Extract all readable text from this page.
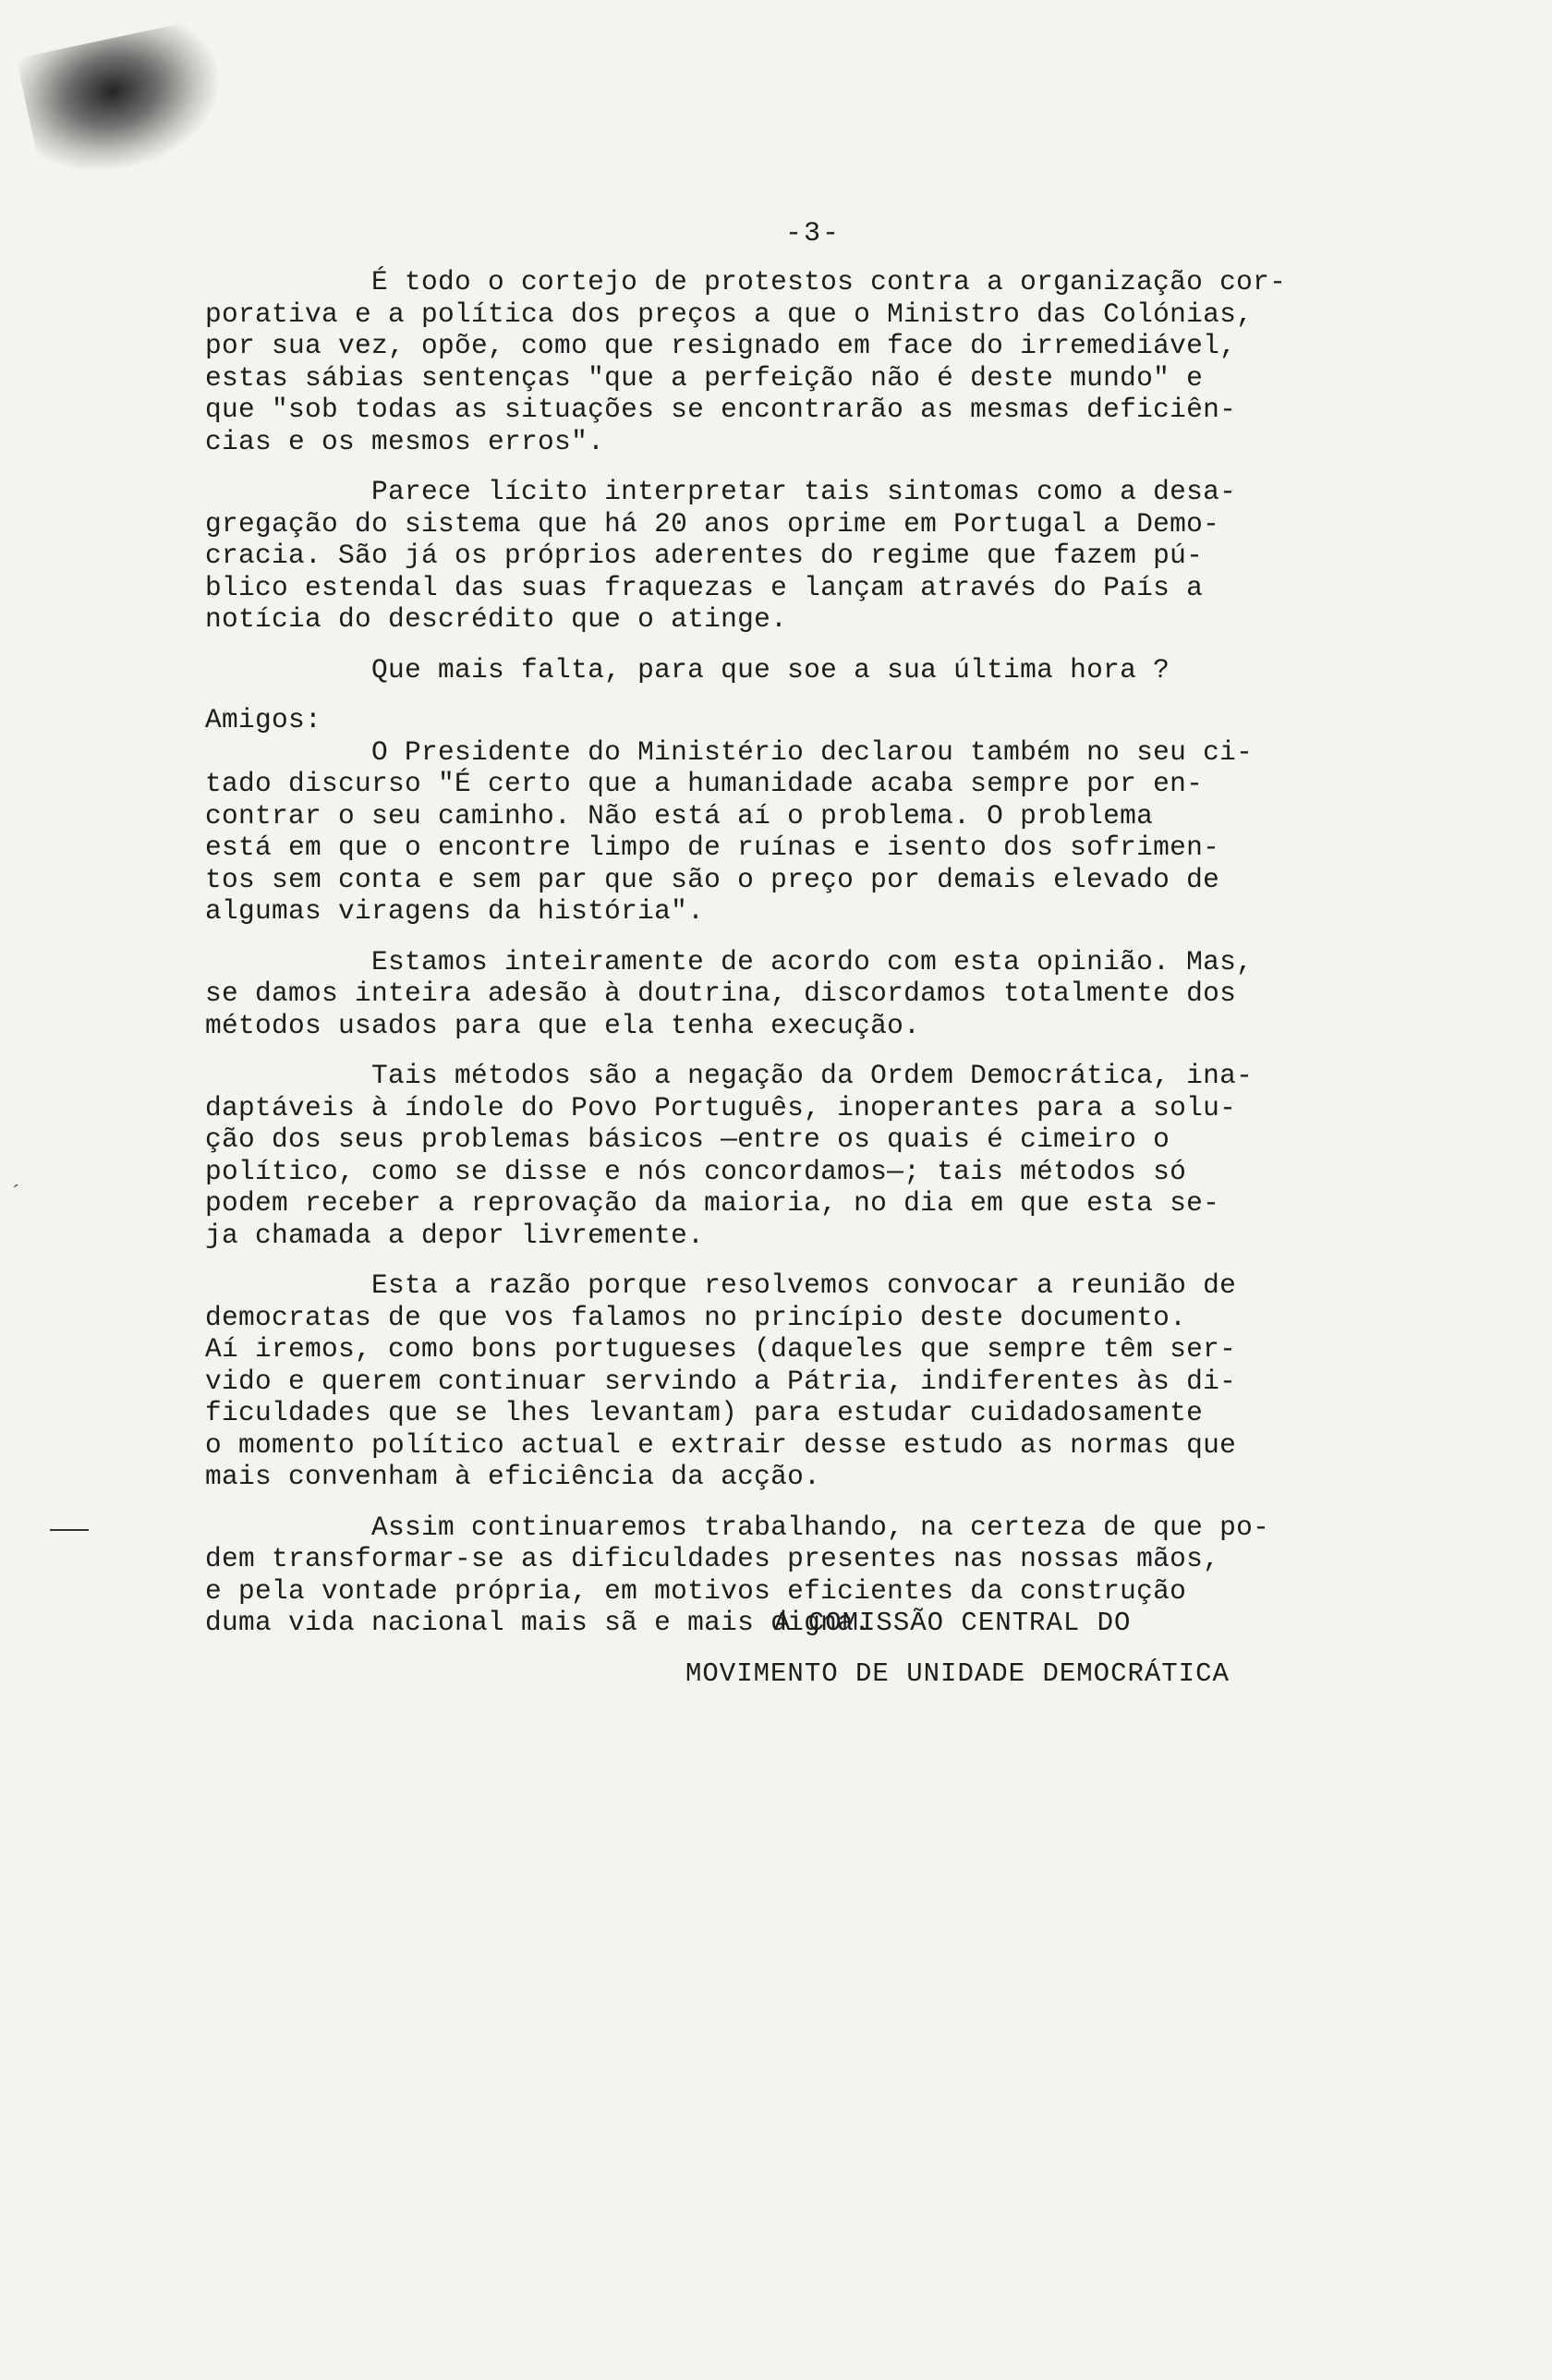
´
-3-
É todo o cortejo de protestos contra a organização cor-
porativa e a política dos preços a que o Ministro das Colónias,
por sua vez, opõe, como que resignado em face do irremediável,
estas sábias sentenças "que a perfeição não é deste mundo" e
que "sob todas as situações se encontrarão as mesmas deficiên-
cias e os mesmos erros".
Parece lícito interpretar tais sintomas como a desa-
gregação do sistema que há 20 anos oprime em Portugal a Demo-
cracia. São já os próprios aderentes do regime que fazem pú-
blico estendal das suas fraquezas e lançam através do País a
notícia do descrédito que o atinge.
Que mais falta, para que soe a sua última hora ?
Amigos:
O Presidente do Ministério declarou também no seu ci-
tado discurso "É certo que a humanidade acaba sempre por en-
contrar o seu caminho. Não está aí o problema. O problema
está em que o encontre limpo de ruínas e isento dos sofrimen-
tos sem conta e sem par que são o preço por demais elevado de
algumas viragens da história".
Estamos inteiramente de acordo com esta opinião. Mas,
se damos inteira adesão à doutrina, discordamos totalmente dos
métodos usados para que ela tenha execução.
Tais métodos são a negação da Ordem Democrática, ina-
daptáveis à índole do Povo Português, inoperantes para a solu-
ção dos seus problemas básicos —entre os quais é cimeiro o
político, como se disse e nós concordamos—; tais métodos só
podem receber a reprovação da maioria, no dia em que esta se-
ja chamada a depor livremente.
Esta a razão porque resolvemos convocar a reunião de
democratas de que vos falamos no princípio deste documento.
Aí iremos, como bons portugueses (daqueles que sempre têm ser-
vido e querem continuar servindo a Pátria, indiferentes às di-
ficuldades que se lhes levantam) para estudar cuidadosamente
o momento político actual e extrair desse estudo as normas que
mais convenham à eficiência da acção.
Assim continuaremos trabalhando, na certeza de que po-
dem transformar-se as dificuldades presentes nas nossas mãos,
e pela vontade própria, em motivos eficientes da construção
duma vida nacional mais sã e mais digna.
A COMISSÃO CENTRAL DO
MOVIMENTO DE UNIDADE DEMOCRÁTICA
